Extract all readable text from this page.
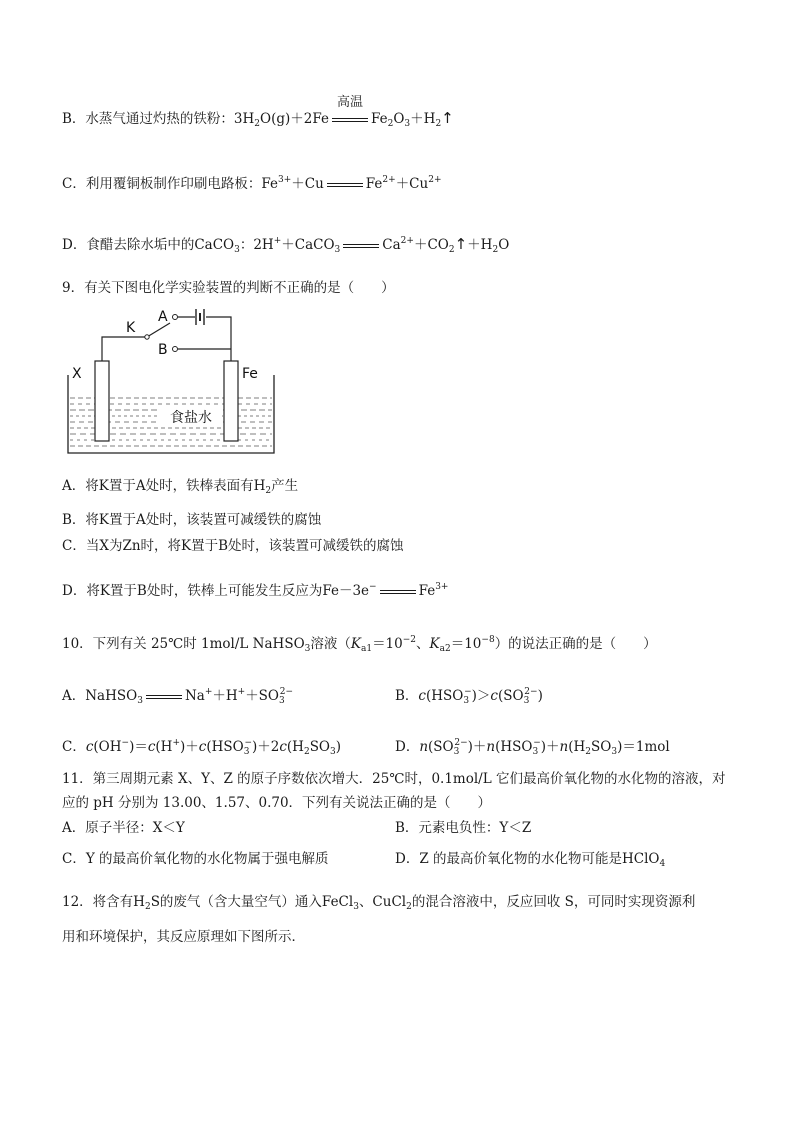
B．水蒸气通过灼热的铁粉：$3H_2O(g)+2Fe$
高温
$Fe_2O_3+H_2↑$
C．利用覆铜板制作印刷电路板：$Fe^{3+}+Cu$	$Fe^{2+}+Cu^{2+}$
D．食醋去除水垢中的CaCO$_3$：2H+＋CaCO$_3$	$Ca^{2+}+CO_2↑+H_2O$
9．有关下图电化学实验装置的判断不正确的是（　　）
食盐水
X	Fe
K
A
B
A．将K置于A处时，铁棒表面有$H_2$产生
B．将K置于A处时，该装置可减缓铁的腐蚀
C．当X为Zn时，将K置于B处时，该装置可减缓铁的腐蚀
D．将K置于B处时，铁棒上可能发生反应为Fe－3e−	$Fe^{3+}$
10．下列有关 25℃时 1mol/L NaHSO$_3$溶液（$K_{a1}=10^{-2}$、$K_{a2}=10^{-8}$）的说法正确的是（　　）
A．NaHSO$_3$	$Na^++H^++SO_3^{2-}$	B．$c(HSO_3^-)>c(SO_3^{2-})$
C．$c(OH^-)=c(H^+)+c(HSO_3^-)+2c(H_2SO_3)$	D．$n(SO_3^{2-})+n(HSO_3^-)+n(H_2SO_3)=1mol$
11．第三周期元素 X、Y、Z 的原子序数依次增大．25℃时，0.1mol/L 它们最高价氧化物的水化物的溶液，对
应的 pH 分别为 13.00、1.57、0.70．下列有关说法正确的是（　　）
A．原子半径：X＜Y	B．元素电负性：Y＜Z
C．Y 的最高价氧化物的水化物属于强电解质	D．Z 的最高价氧化物的水化物可能是HClO$_4$
12．将含有$H_2S$的废气（含大量空气）通入FeCl$_3$、CuCl$_2$的混合溶液中，反应回收 S，可同时实现资源利
用和环境保护，其反应原理如下图所示．
